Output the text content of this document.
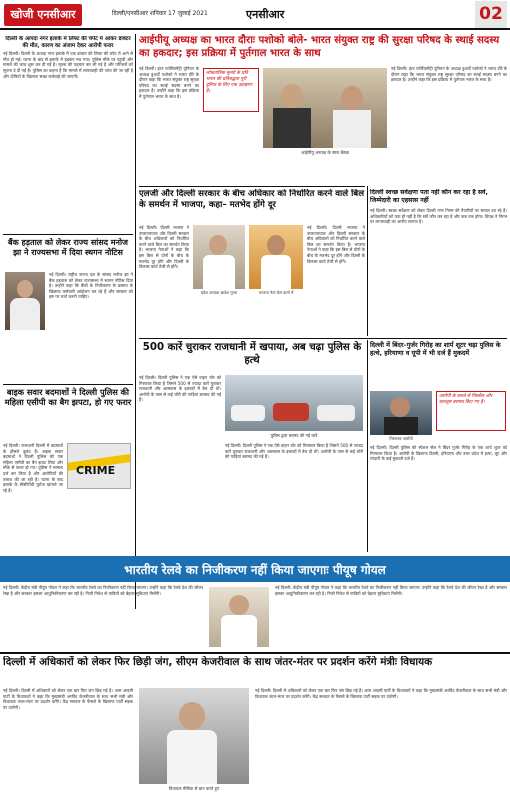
खोजी एनसीआर	दिल्ली/एनसीआर शनिवार 17 जुलाई 2021	एनसीआर	02
दिल्ली के आपदा नगर इलाके में लिफ्ट की चपेट में आकर डाक्टर की मौत, कारण का अंजाम देकर आरोपी फरार
नई दिल्ली। दिल्ली के आपदा नगर इलाके में एक डाक्टर की लिफ्ट की चपेट में आने से मौत हो गई। घटना के बाद से इलाके में हड़कंप मच गया। पुलिस मौके पर पहुंची और मामले की जांच शुरू कर दी गई है। मृतक की पहचान कर ली गई है और परिजनों को सूचना दे दी गई है। पुलिस का कहना है कि मामले में लापरवाही की जांच की जा रही है और दोषियों के खिलाफ सख्त कार्रवाई की जाएगी।
बैंक हड़ताल को लेकर राज्य सांसद मनोज झा ने राज्यसभा में दिया स्थगन नोटिस
नई दिल्ली। राष्ट्रीय जनता दल के सांसद मनोज झा ने बैंक हड़ताल को लेकर राज्यसभा में स्थगन नोटिस दिया है। उन्होंने कहा कि बैंकों के निजीकरण के प्रस्ताव के खिलाफ कर्मचारी आंदोलन कर रहे हैं और सरकार को इस पर चर्चा करनी चाहिए।
बाइक सवार बदमाशों ने दिल्ली पुलिस की महिला एसीपी का बैग झपटा, हो गए फरार
CRIME
नई दिल्ली। राजधानी दिल्ली में बदमाशों के हौसले बुलंद हैं। बाइक सवार बदमाशों ने दिल्ली पुलिस की एक महिला एसीपी का बैग झपट लिया और मौके से फरार हो गए। पुलिस ने मामला दर्ज कर लिया है और आरोपियों की तलाश की जा रही है। घटना के बाद इलाके के सीसीटीवी फुटेज खंगाले जा रहे हैं।
आईपीयू अध्यक्ष का भारत दौराः पशोको बोले- भारत संयुक्त राष्ट्र की सुरक्षा परिषद के स्थाई सदस्य का हकदार; इस प्रक्रिया में पुर्तगाल भारत के साथ
नई दिल्ली। इंटर पार्लियामेंट्री यूनियन के अध्यक्ष डुआर्टे पशोको ने भारत दौरे के दौरान कहा कि भारत संयुक्त राष्ट्र सुरक्षा परिषद का स्थाई सदस्य बनने का हकदार है। उन्होंने कहा कि इस प्रक्रिया में पुर्तगाल भारत के साथ है।
लोकतांत्रिक मूल्यों के प्रति भारत की प्रतिबद्धता पूरी दुनिया के लिए एक उदाहरण है।
आईपीयू अध्यक्ष के साथ बैठक
नई दिल्ली। इंटर पार्लियामेंट्री यूनियन के अध्यक्ष डुआर्टे पशोको ने भारत दौरे के दौरान कहा कि भारत संयुक्त राष्ट्र सुरक्षा परिषद का स्थाई सदस्य बनने का हकदार है। उन्होंने कहा कि इस प्रक्रिया में पुर्तगाल भारत के साथ है।
एलजी और दिल्ली सरकार के बीच अधिकार को निर्धारित करने वाले बिल के समर्थन में भाजपा, कहा– मतभेद होंगे दूर
नई दिल्ली। दिल्ली भाजपा ने उपराज्यपाल और दिल्ली सरकार के बीच अधिकारों को निर्धारित करने वाले बिल का समर्थन किया है। भाजपा नेताओं ने कहा कि इस बिल से दोनों के बीच के मतभेद दूर होंगे और दिल्ली के विकास कार्य तेजी से होंगे।
प्रदेश अध्यक्ष आदेश गुप्ता	भाजपा नेता प्रेस वार्ता में
नई दिल्ली। दिल्ली भाजपा ने उपराज्यपाल और दिल्ली सरकार के बीच अधिकारों को निर्धारित करने वाले बिल का समर्थन किया है। भाजपा नेताओं ने कहा कि इस बिल से दोनों के बीच के मतभेद दूर होंगे और दिल्ली के विकास कार्य तेजी से होंगे।
दिल्ली स्वच्छ सर्वेक्षणः पता नहीं कौन कर रहा है सर्वे, जिम्मेदारी का एहसास नहीं
नई दिल्ली। स्वच्छ सर्वेक्षण को लेकर दिल्ली नगर निगम की तैयारियों पर सवाल उठ रहे हैं। अधिकारियों को पता ही नहीं है कि सर्वे कौन कर रहा है और कब तक होगा। विपक्ष ने निगम पर लापरवाही का आरोप लगाया है।
500 कारें चुराकर राजधानी में खपाया, अब चढ़ा पुलिस के हत्थे
पुलिस द्वारा बरामद की गई कारें
नई दिल्ली। दिल्ली पुलिस ने एक ऐसे वाहन चोर को गिरफ्तार किया है जिसने 500 से ज्यादा कारें चुराकर राजधानी और आसपास के इलाकों में बेच दी थीं। आरोपी के पास से कई चोरी की गाड़ियां बरामद की गई हैं।
नई दिल्ली। दिल्ली पुलिस ने एक ऐसे वाहन चोर को गिरफ्तार किया है जिसने 500 से ज्यादा कारें चुराकर राजधानी और आसपास के इलाकों में बेच दी थीं। आरोपी के पास से कई चोरी की गाड़ियां बरामद की गई हैं।
दिल्ली में बिंदर–गुर्जर गिरोह का शार्प शूटर चढ़ा पुलिस के हत्थे, हरियाणा व यूपी में भी दर्ज हैं मुकदमें
गिरफ्तार आरोपी
आरोपी के कब्जे से पिस्तौल और कारतूस बरामद किए गए हैं।
नई दिल्ली। दिल्ली पुलिस की स्पेशल सेल ने बिंदर गुर्जर गिरोह के एक शार्प शूटर को गिरफ्तार किया है। आरोपी के खिलाफ दिल्ली, हरियाणा और उत्तर प्रदेश में हत्या, लूट और रंगदारी के कई मुकदमे दर्ज हैं।
भारतीय रेलवे का निजीकरण नहीं किया जाएगाः पीयूष गोयल
नई दिल्ली। केंद्रीय मंत्री पीयूष गोयल ने कहा कि भारतीय रेलवे का निजीकरण नहीं किया जाएगा। उन्होंने कहा कि रेलवे देश की जीवन रेखा है और सरकार इसका आधुनिकीकरण कर रही है। निजी निवेश से यात्रियों को बेहतर सुविधाएं मिलेंगी।
नई दिल्ली। केंद्रीय मंत्री पीयूष गोयल ने कहा कि भारतीय रेलवे का निजीकरण नहीं किया जाएगा। उन्होंने कहा कि रेलवे देश की जीवन रेखा है और सरकार इसका आधुनिकीकरण कर रही है। निजी निवेश से यात्रियों को बेहतर सुविधाएं मिलेंगी।
दिल्ली में अधिकारों को लेकर फिर छिड़ी जंग, सीएम केजरीवाल के साथ जंतर-मंतर पर प्रदर्शन करेंगे मंत्रीः विधायक
नई दिल्ली। दिल्ली में अधिकारों को लेकर एक बार फिर जंग छिड़ गई है। आम आदमी पार्टी के विधायकों ने कहा कि मुख्यमंत्री अरविंद केजरीवाल के साथ सभी मंत्री और विधायक जंतर-मंतर पर प्रदर्शन करेंगे। केंद्र सरकार के फैसले के खिलाफ पार्टी सड़क पर उतरेगी।
विधायक मीडिया से बात करते हुए
नई दिल्ली। दिल्ली में अधिकारों को लेकर एक बार फिर जंग छिड़ गई है। आम आदमी पार्टी के विधायकों ने कहा कि मुख्यमंत्री अरविंद केजरीवाल के साथ सभी मंत्री और विधायक जंतर-मंतर पर प्रदर्शन करेंगे। केंद्र सरकार के फैसले के खिलाफ पार्टी सड़क पर उतरेगी।
